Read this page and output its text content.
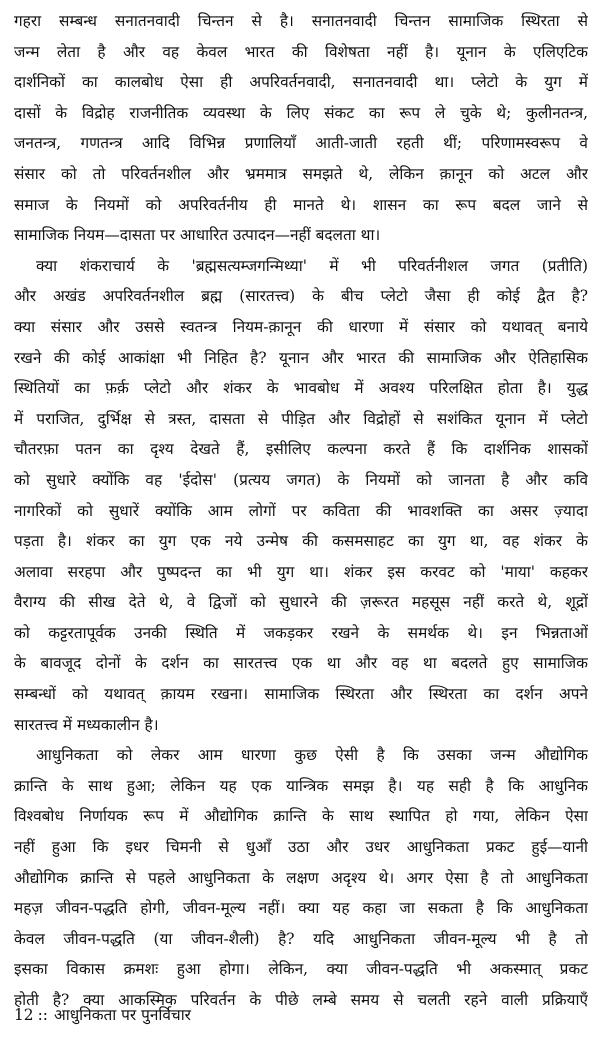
गहरा सम्बन्ध सनातनवादी चिन्तन से है। सनातनवादी चिन्तन सामाजिक स्थिरता से
जन्म लेता है और वह केवल भारत की विशेषता नहीं है। यूनान के एलिएटिक
दार्शनिकों का कालबोध ऐसा ही अपरिवर्तनवादी, सनातनवादी था। प्लेटो के युग में
दासों के विद्रोह राजनीतिक व्यवस्था के लिए संकट का रूप ले चुके थे; कुलीनतन्त्र,
जनतन्त्र, गणतन्त्र आदि विभिन्न प्रणालियाँ आती-जाती रहती थीं; परिणामस्वरूप वे
संसार को तो परिवर्तनशील और भ्रममात्र समझते थे, लेकिन क़ानून को अटल और
समाज के नियमों को अपरिवर्तनीय ही मानते थे। शासन का रूप बदल जाने से
सामाजिक नियम—दासता पर आधारित उत्पादन—नहीं बदलता था।
क्या शंकराचार्य के 'ब्रह्मसत्यम्जगन्मिथ्या' में भी परिवर्तनीशल जगत (प्रतीति)
और अखंड अपरिवर्तनशील ब्रह्म (सारतत्त्व) के बीच प्लेटो जैसा ही कोई द्वैत है?
क्या संसार और उससे स्वतन्त्र नियम-क़ानून की धारणा में संसार को यथावत् बनाये
रखने की कोई आकांक्षा भी निहित है? यूनान और भारत की सामाजिक और ऐतिहासिक
स्थितियों का फ़र्क़ प्लेटो और शंकर के भावबोध में अवश्य परिलक्षित होता है। युद्ध
में पराजित, दुर्भिक्ष से त्रस्त, दासता से पीड़ित और विद्रोहों से सशंकित यूनान में प्लेटो
चौतरफ़ा पतन का दृश्य देखते हैं, इसीलिए कल्पना करते हैं कि दार्शनिक शासकों
को सुधारे क्योंकि वह 'ईदोस' (प्रत्यय जगत) के नियमों को जानता है और कवि
नागरिकों को सुधारें क्योंकि आम लोगों पर कविता की भावशक्ति का असर ज़्यादा
पड़ता है। शंकर का युग एक नये उन्मेष की कसमसाहट का युग था, वह शंकर के
अलावा सरहपा और पुष्पदन्त का भी युग था। शंकर इस करवट को 'माया' कहकर
वैराग्य की सीख देते थे, वे द्विजों को सुधारने की ज़रूरत महसूस नहीं करते थे, शूद्रों
को कट्टरतापूर्वक उनकी स्थिति में जकड़कर रखने के समर्थक थे। इन भिन्नताओं
के बावजूद दोनों के दर्शन का सारतत्त्व एक था और वह था बदलते हुए सामाजिक
सम्बन्धों को यथावत् क़ायम रखना। सामाजिक स्थिरता और स्थिरता का दर्शन अपने
सारतत्त्व में मध्यकालीन है।
आधुनिकता को लेकर आम धारणा कुछ ऐसी है कि उसका जन्म औद्योगिक
क्रान्ति के साथ हुआ; लेकिन यह एक यान्त्रिक समझ है। यह सही है कि आधुनिक
विश्वबोध निर्णायक रूप में औद्योगिक क्रान्ति के साथ स्थापित हो गया, लेकिन ऐसा
नहीं हुआ कि इधर चिमनी से धुआँ उठा और उधर आधुनिकता प्रकट हुई—यानी
औद्योगिक क्रान्ति से पहले आधुनिकता के लक्षण अदृश्य थे। अगर ऐसा है तो आधुनिकता
महज़ जीवन-पद्धति होगी, जीवन-मूल्य नहीं। क्या यह कहा जा सकता है कि आधुनिकता
केवल जीवन-पद्धति (या जीवन-शैली) है? यदि आधुनिकता जीवन-मूल्य भी है तो
इसका विकास क्रमशः हुआ होगा। लेकिन, क्या जीवन-पद्धति भी अकस्मात् प्रकट
होती है? क्या आकस्मिक परिवर्तन के पीछे लम्बे समय से चलती रहने वाली प्रक्रियाएँ
12 :: आधुनिकता पर पुनर्विचार
